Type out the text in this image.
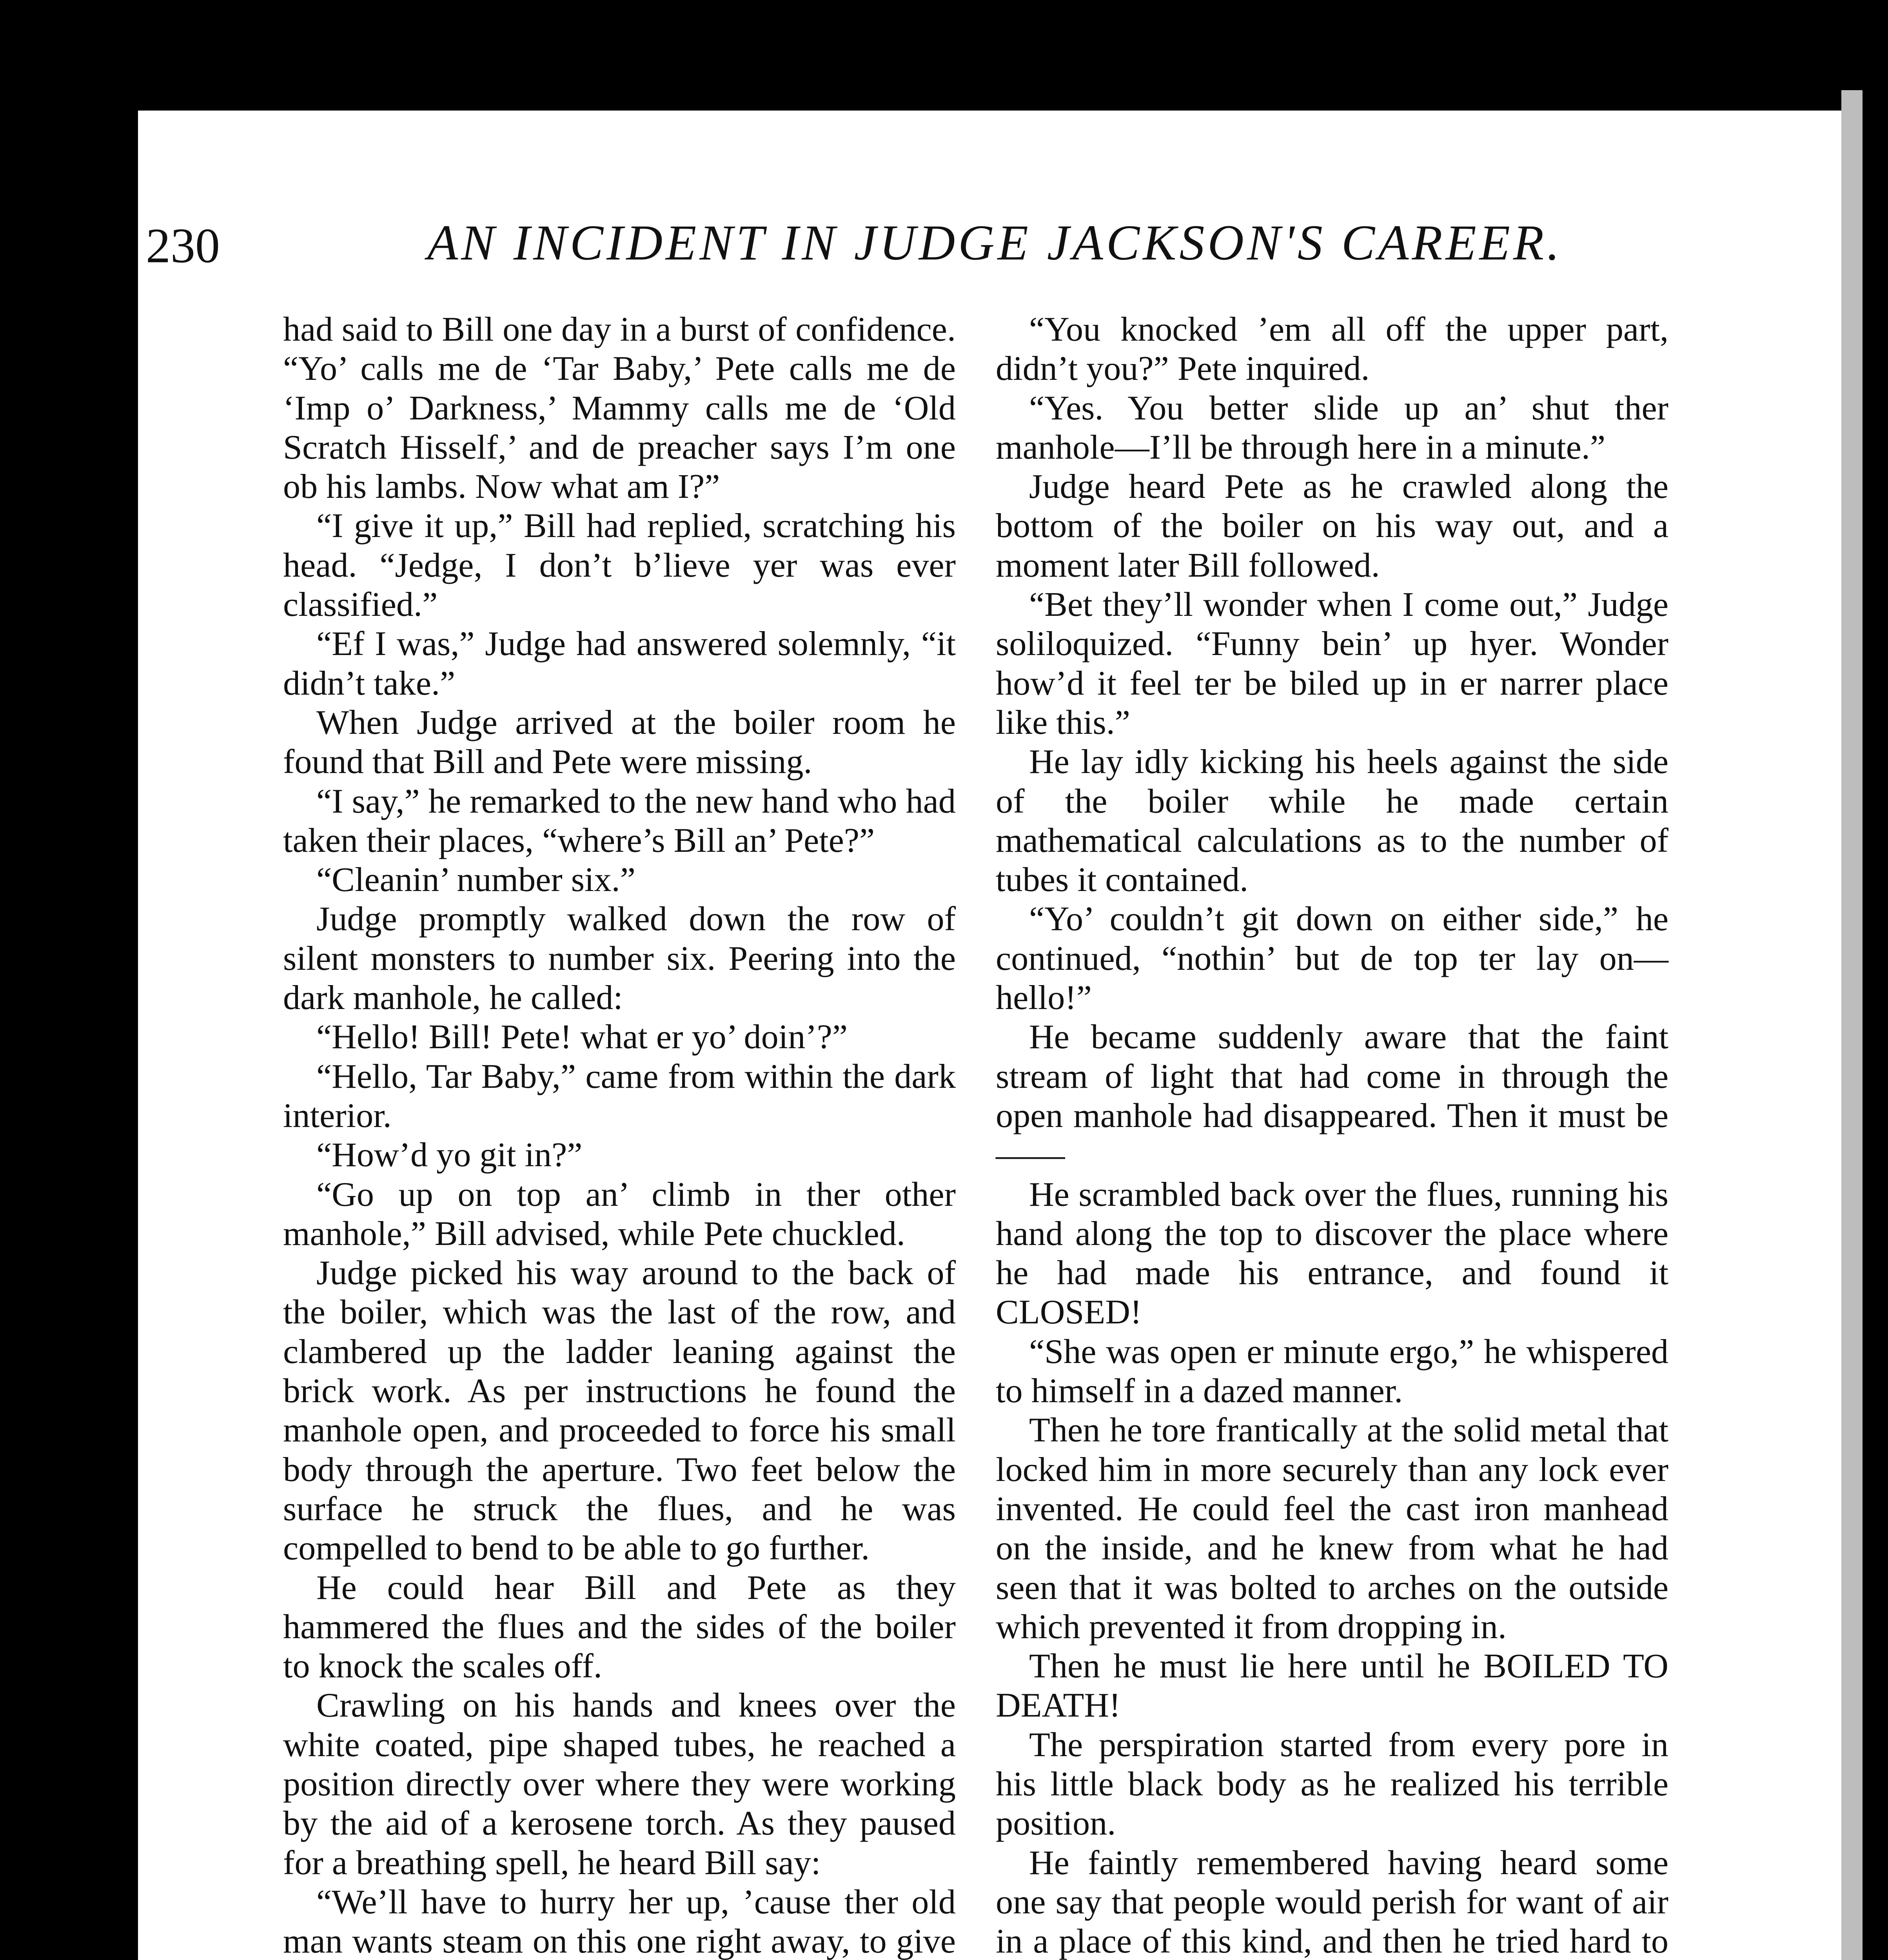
230	AN INCIDENT IN JUDGE JACKSON'S CAREER.

had said to Bill one day in a burst of confidence. “Yo’ calls me de ‘Tar Baby,’ Pete calls me de ‘Imp o’ Darkness,’ Mammy calls me de ‘Old Scratch Hisself,’ and de preacher says I’m one ob his lambs. Now what am I?”

“I give it up,” Bill had replied, scratching his head. “Jedge, I don’t b’lieve yer was ever classified.”

“Ef I was,” Judge had answered solemnly, “it didn’t take.”

When Judge arrived at the boiler room he found that Bill and Pete were missing.

“I say,” he remarked to the new hand who had taken their places, “where’s Bill an’ Pete?”

“Cleanin’ number six.”

Judge promptly walked down the row of silent monsters to number six. Peering into the dark manhole, he called:

“Hello! Bill! Pete! what er yo’ doin’?”

“Hello, Tar Baby,” came from within the dark interior.

“How’d yo git in?”

“Go up on top an’ climb in ther other manhole,” Bill advised, while Pete chuckled.

Judge picked his way around to the back of the boiler, which was the last of the row, and clambered up the ladder leaning against the brick work. As per instructions he found the manhole open, and proceeded to force his small body through the aperture. Two feet below the surface he struck the flues, and he was compelled to bend to be able to go further.

He could hear Bill and Pete as they hammered the flues and the sides of the boiler to knock the scales off.

Crawling on his hands and knees over the white coated, pipe shaped tubes, he reached a position directly over where they were working by the aid of a kerosene torch. As they paused for a breathing spell, he heard Bill say:

“We’ll have to hurry her up, ’cause ther old man wants steam on this one right away, to give

“You knocked ’em all off the upper part, didn’t you?” Pete inquired.

“Yes. You better slide up an’ shut ther manhole—I’ll be through here in a minute.”

Judge heard Pete as he crawled along the bottom of the boiler on his way out, and a moment later Bill followed.

“Bet they’ll wonder when I come out,” Judge soliloquized. “Funny bein’ up hyer. Wonder how’d it feel ter be biled up in er narrer place like this.”

He lay idly kicking his heels against the side of the boiler while he made certain mathematical calculations as to the number of tubes it contained.

“Yo’ couldn’t git down on either side,” he continued, “nothin’ but de top ter lay on—hello!”

He became suddenly aware that the faint stream of light that had come in through the open manhole had disappeared. Then it must be ——

He scrambled back over the flues, running his hand along the top to discover the place where he had made his entrance, and found it CLOSED!

“She was open er minute ergo,” he whispered to himself in a dazed manner.

Then he tore frantically at the solid metal that locked him in more securely than any lock ever invented. He could feel the cast iron manhead on the inside, and he knew from what he had seen that it was bolted to arches on the outside which prevented it from dropping in.

Then he must lie here until he BOILED TO DEATH!

The perspiration started from every pore in his little black body as he realized his terrible position.

He faintly remembered having heard some one say that people would perish for want of air in a place of this kind, and then he tried hard to
